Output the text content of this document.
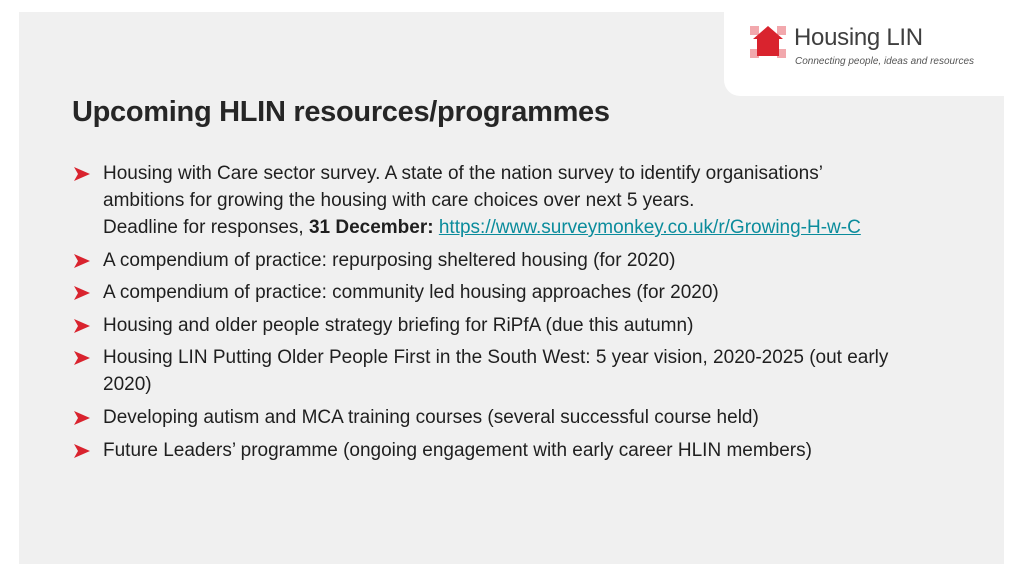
Housing LIN
Connecting people, ideas and resources
Upcoming HLIN resources/programmes
Housing with Care sector survey. A state of the nation survey to identify organisations’
ambitions for growing the housing with care choices over next 5 years.
Deadline for responses, 31 December: https://www.surveymonkey.co.uk/r/Growing-H-w-C
A compendium of practice: repurposing sheltered housing (for 2020)
A compendium of practice: community led housing approaches (for 2020)
Housing and older people strategy briefing for RiPfA (due this autumn)
Housing LIN Putting Older People First in the South West: 5 year vision, 2020-2025 (out early
2020)
Developing autism and MCA training courses (several successful course held)
Future Leaders’ programme (ongoing engagement with early career HLIN members)
